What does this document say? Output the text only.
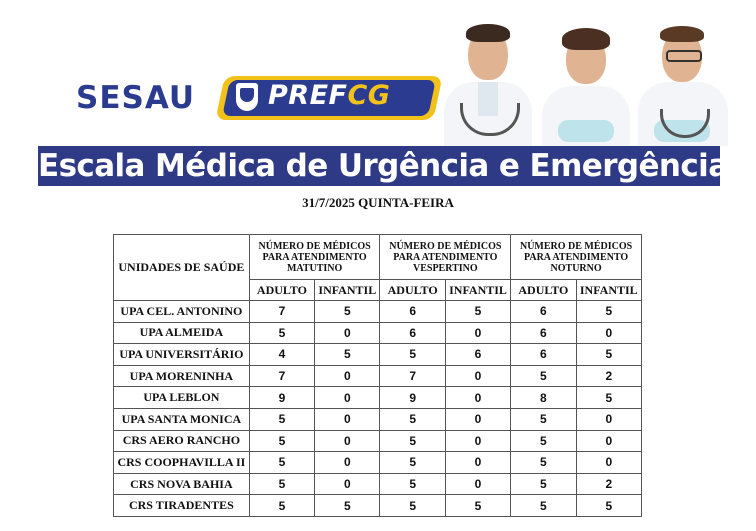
SESAU	PREFCG
Escala Médica de Urgência e Emergência
31/7/2025 QUINTA-FEIRA
UNIDADES DE SAÚDE	NÚMERO DE MÉDICOS PARA ATENDIMENTO MATUTINO		NÚMERO DE MÉDICOS PARA ATENDIMENTO VESPERTINO		NÚMERO DE MÉDICOS PARA ATENDIMENTO NOTURNO	
	ADULTO	INFANTIL	ADULTO	INFANTIL	ADULTO	INFANTIL
UPA CEL. ANTONINO	7	5	6	5	6	5
UPA ALMEIDA	5	0	6	0	6	0
UPA UNIVERSITÁRIO	4	5	5	6	6	5
UPA MORENINHA	7	0	7	0	5	2
UPA LEBLON	9	0	9	0	8	5
UPA SANTA MONICA	5	0	5	0	5	0
CRS AERO RANCHO	5	0	5	0	5	0
CRS COOPHAVILLA II	5	0	5	0	5	0
CRS NOVA BAHIA	5	0	5	0	5	2
CRS TIRADENTES	5	5	5	5	5	5
